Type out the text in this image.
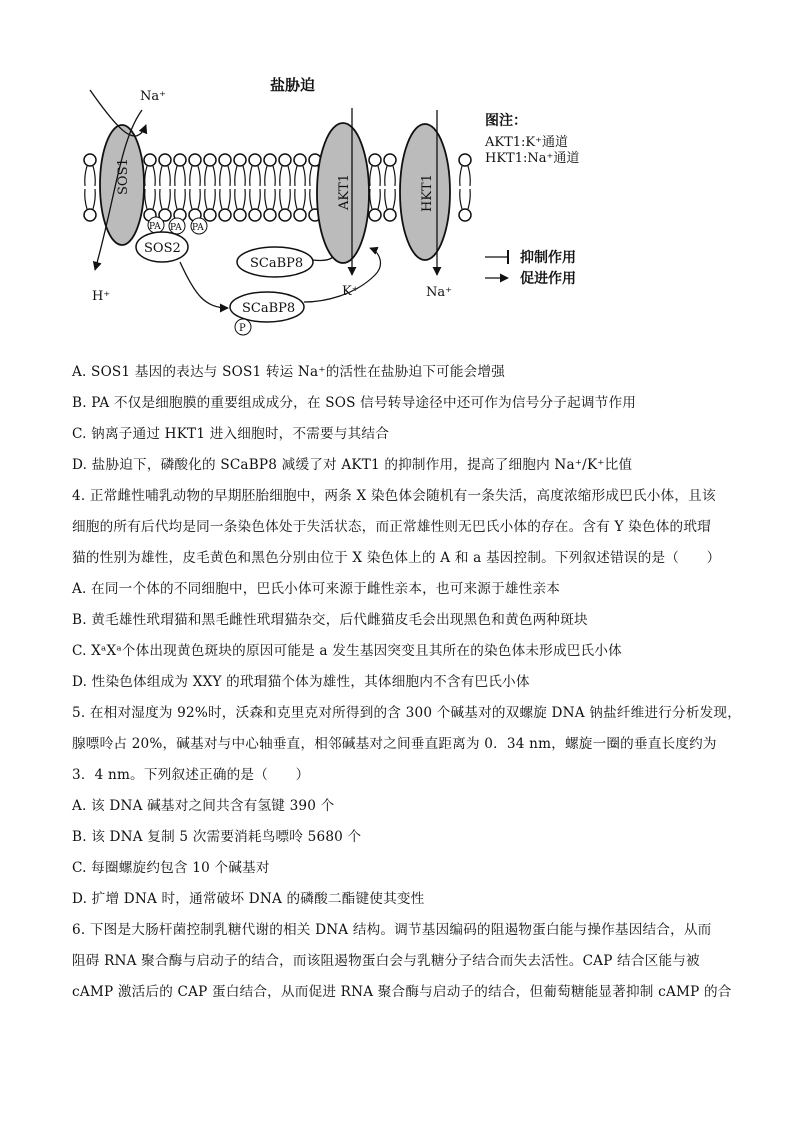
SOS1
Na⁺
H⁺
PA PA PA
SOS2
SCaBP8
P
SCaBP8
AKT1
K⁺
HKT1
Na⁺
盐胁迫
图注：
AKT1:K⁺通道
HKT1:Na⁺通道
抑制作用
促进作用
A. SOS1 基因的表达与 SOS1 转运 Na⁺的活性在盐胁迫下可能会增强
B. PA 不仅是细胞膜的重要组成成分，在 SOS 信号转导途径中还可作为信号分子起调节作用
C. 钠离子通过 HKT1 进入细胞时，不需要与其结合
D. 盐胁迫下，磷酸化的 SCaBP8 减缓了对 AKT1 的抑制作用，提高了细胞内 Na⁺/K⁺比值
4. 正常雌性哺乳动物的早期胚胎细胞中，两条 X 染色体会随机有一条失活，高度浓缩形成巴氏小体，且该
细胞的所有后代均是同一条染色体处于失活状态，而正常雄性则无巴氏小体的存在。含有 Y 染色体的玳瑁
猫的性别为雄性，皮毛黄色和黑色分别由位于 X 染色体上的 A 和 a 基因控制。下列叙述错误的是（　　）
A. 在同一个体的不同细胞中，巴氏小体可来源于雌性亲本，也可来源于雄性亲本
B. 黄毛雄性玳瑁猫和黑毛雌性玳瑁猫杂交，后代雌猫皮毛会出现黑色和黄色两种斑块
C. XᵃXᵃ个体出现黄色斑块的原因可能是 a 发生基因突变且其所在的染色体未形成巴氏小体
D. 性染色体组成为 XXY 的玳瑁猫个体为雄性，其体细胞内不含有巴氏小体
5. 在相对湿度为 92%时，沃森和克里克对所得到的含 300 个碱基对的双螺旋 DNA 钠盐纤维进行分析发现，
腺嘌呤占 20%，碱基对与中心轴垂直，相邻碱基对之间垂直距离为 0．34 nm，螺旋一圈的垂直长度约为
3．4 nm。下列叙述正确的是（　　）
A. 该 DNA 碱基对之间共含有氢键 390 个
B. 该 DNA 复制 5 次需要消耗鸟嘌呤 5680 个
C. 每圈螺旋约包含 10 个碱基对
D. 扩增 DNA 时，通常破坏 DNA 的磷酸二酯键使其变性
6. 下图是大肠杆菌控制乳糖代谢的相关 DNA 结构。调节基因编码的阻遏物蛋白能与操作基因结合，从而
阻碍 RNA 聚合酶与启动子的结合，而该阻遏物蛋白会与乳糖分子结合而失去活性。CAP 结合区能与被
cAMP 激活后的 CAP 蛋白结合，从而促进 RNA 聚合酶与启动子的结合，但葡萄糖能显著抑制 cAMP 的合
